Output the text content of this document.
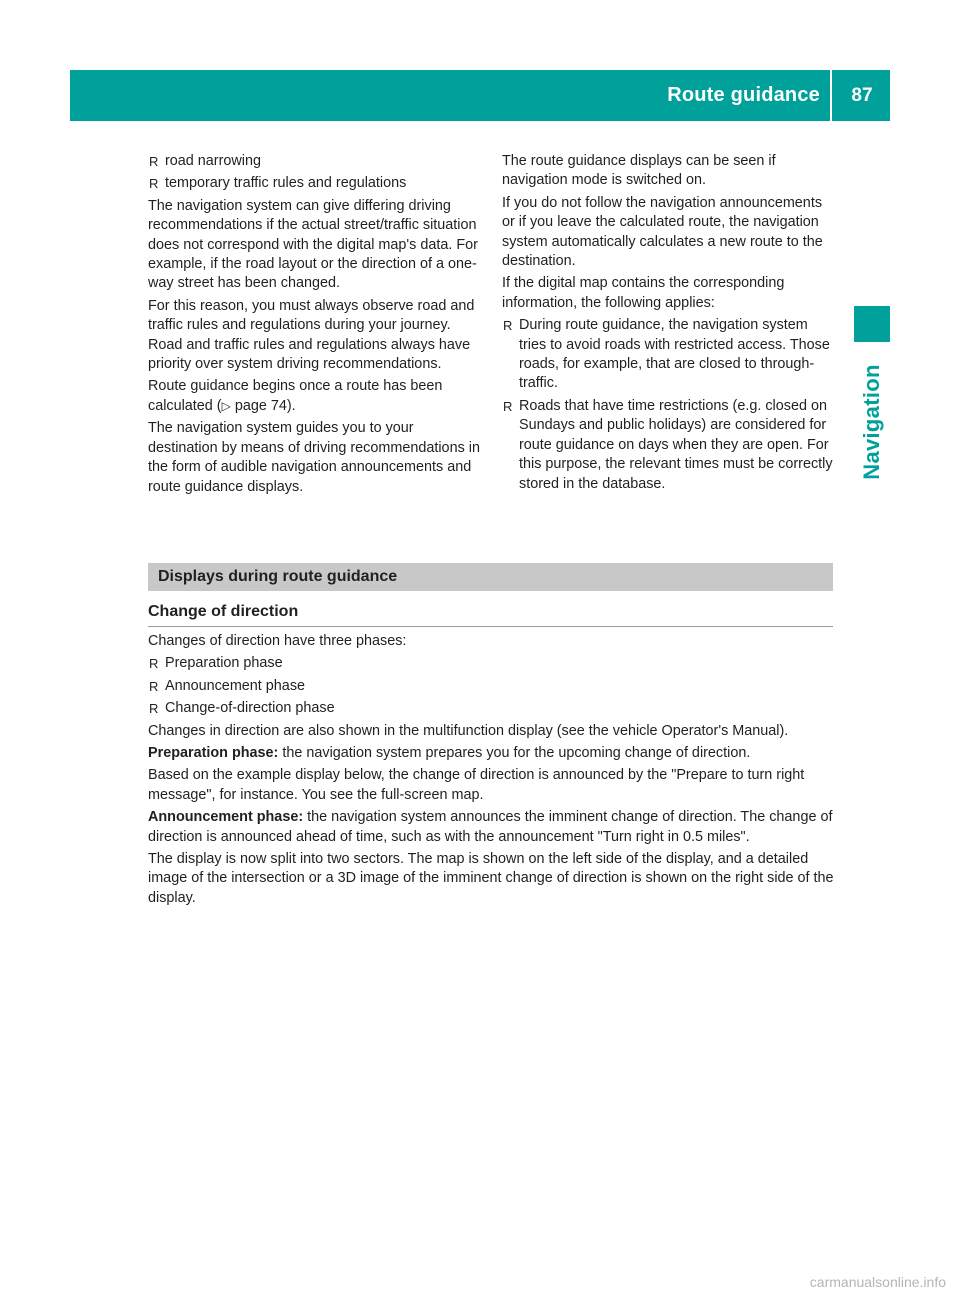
Route guidance	87
Navigation
R road narrowing
R temporary traffic rules and regulations

The navigation system can give differing driving recommendations if the actual street/traffic situation does not correspond with the digital map's data. For example, if the road layout or the direction of a one-way street has been changed.

For this reason, you must always observe road and traffic rules and regulations during your journey. Road and traffic rules and regulations always have priority over system driving recommendations.

Route guidance begins once a route has been calculated (▷ page 74).

The navigation system guides you to your destination by means of driving recommendations in the form of audible navigation announcements and route guidance displays.

The route guidance displays can be seen if navigation mode is switched on.

If you do not follow the navigation announcements or if you leave the calculated route, the navigation system automatically calculates a new route to the destination.

If the digital map contains the corresponding information, the following applies:

R During route guidance, the navigation system tries to avoid roads with restricted access. Those roads, for example, that are closed to through-traffic.
R Roads that have time restrictions (e.g. closed on Sundays and public holidays) are considered for route guidance on days when they are open. For this purpose, the relevant times must be correctly stored in the database.
Displays during route guidance
Change of direction

Changes of direction have three phases:

R Preparation phase
R Announcement phase
R Change-of-direction phase

Changes in direction are also shown in the multifunction display (see the vehicle Operator's Manual).

Preparation phase: the navigation system prepares you for the upcoming change of direction.

Based on the example display below, the change of direction is announced by the "Prepare to turn right message", for instance. You see the full-screen map.

Announcement phase: the navigation system announces the imminent change of direction. The change of direction is announced ahead of time, such as with the announcement "Turn right in 0.5 miles".

The display is now split into two sectors. The map is shown on the left side of the display, and a detailed image of the intersection or a 3D image of the imminent change of direction is shown on the right side of the display.

carmanualsonline.info
